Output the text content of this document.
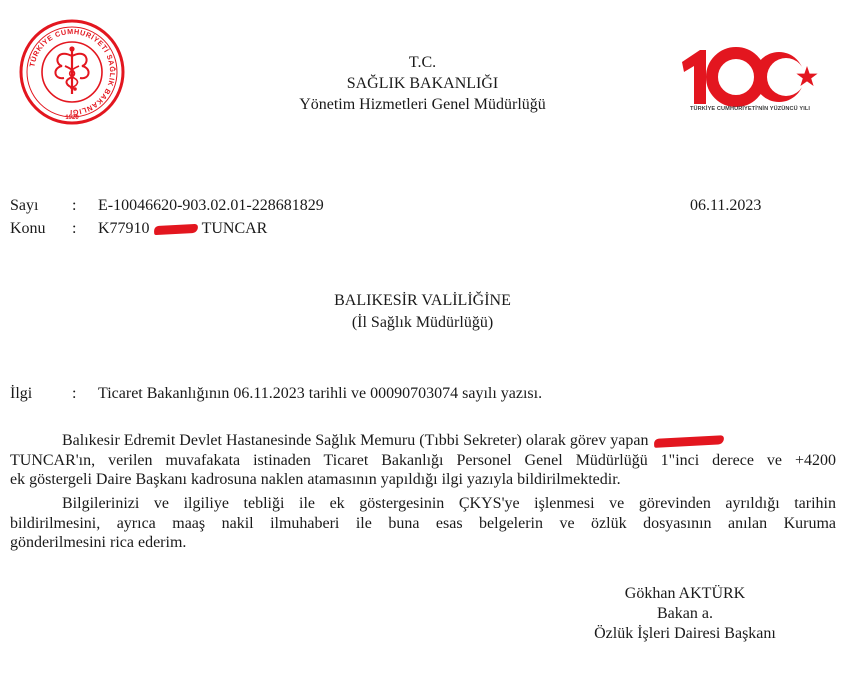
TÜRKİYE CUMHURİYETİ SAĞLIK BAKANLIĞI
1920
T.C.
SAĞLIK BAKANLIĞI
Yönetim Hizmetleri Genel Müdürlüğü	TÜRKİYE CUMHURİYETİ'NİN YÜZÜNCÜ YILI
Sayı : E-10046620-903.02.01-228681829	06.11.2023
Konu : K77910	TUNCAR
BALIKESİR VALİLİĞİNE
(İl Sağlık Müdürlüğü)
İlgi : Ticaret Bakanlığının 06.11.2023 tarihli ve 00090703074 sayılı yazısı.
Balıkesir Edremit Devlet Hastanesinde Sağlık Memuru (Tıbbi Sekreter) olarak görev yapan
TUNCAR'ın, verilen muvafakata istinaden Ticaret Bakanlığı Personel Genel Müdürlüğü 1"inci derece ve +4200
ek göstergeli Daire Başkanı kadrosuna naklen atamasının yapıldığı ilgi yazıyla bildirilmektedir.
Bilgilerinizi ve ilgiliye tebliği ile ek göstergesinin ÇKYS'ye işlenmesi ve görevinden ayrıldığı tarihin
bildirilmesini, ayrıca maaş nakil ilmuhaberi ile buna esas belgelerin ve özlük dosyasının anılan Kuruma
gönderilmesini rica ederim.
Gökhan AKTÜRK
Bakan a.
Özlük İşleri Dairesi Başkanı
